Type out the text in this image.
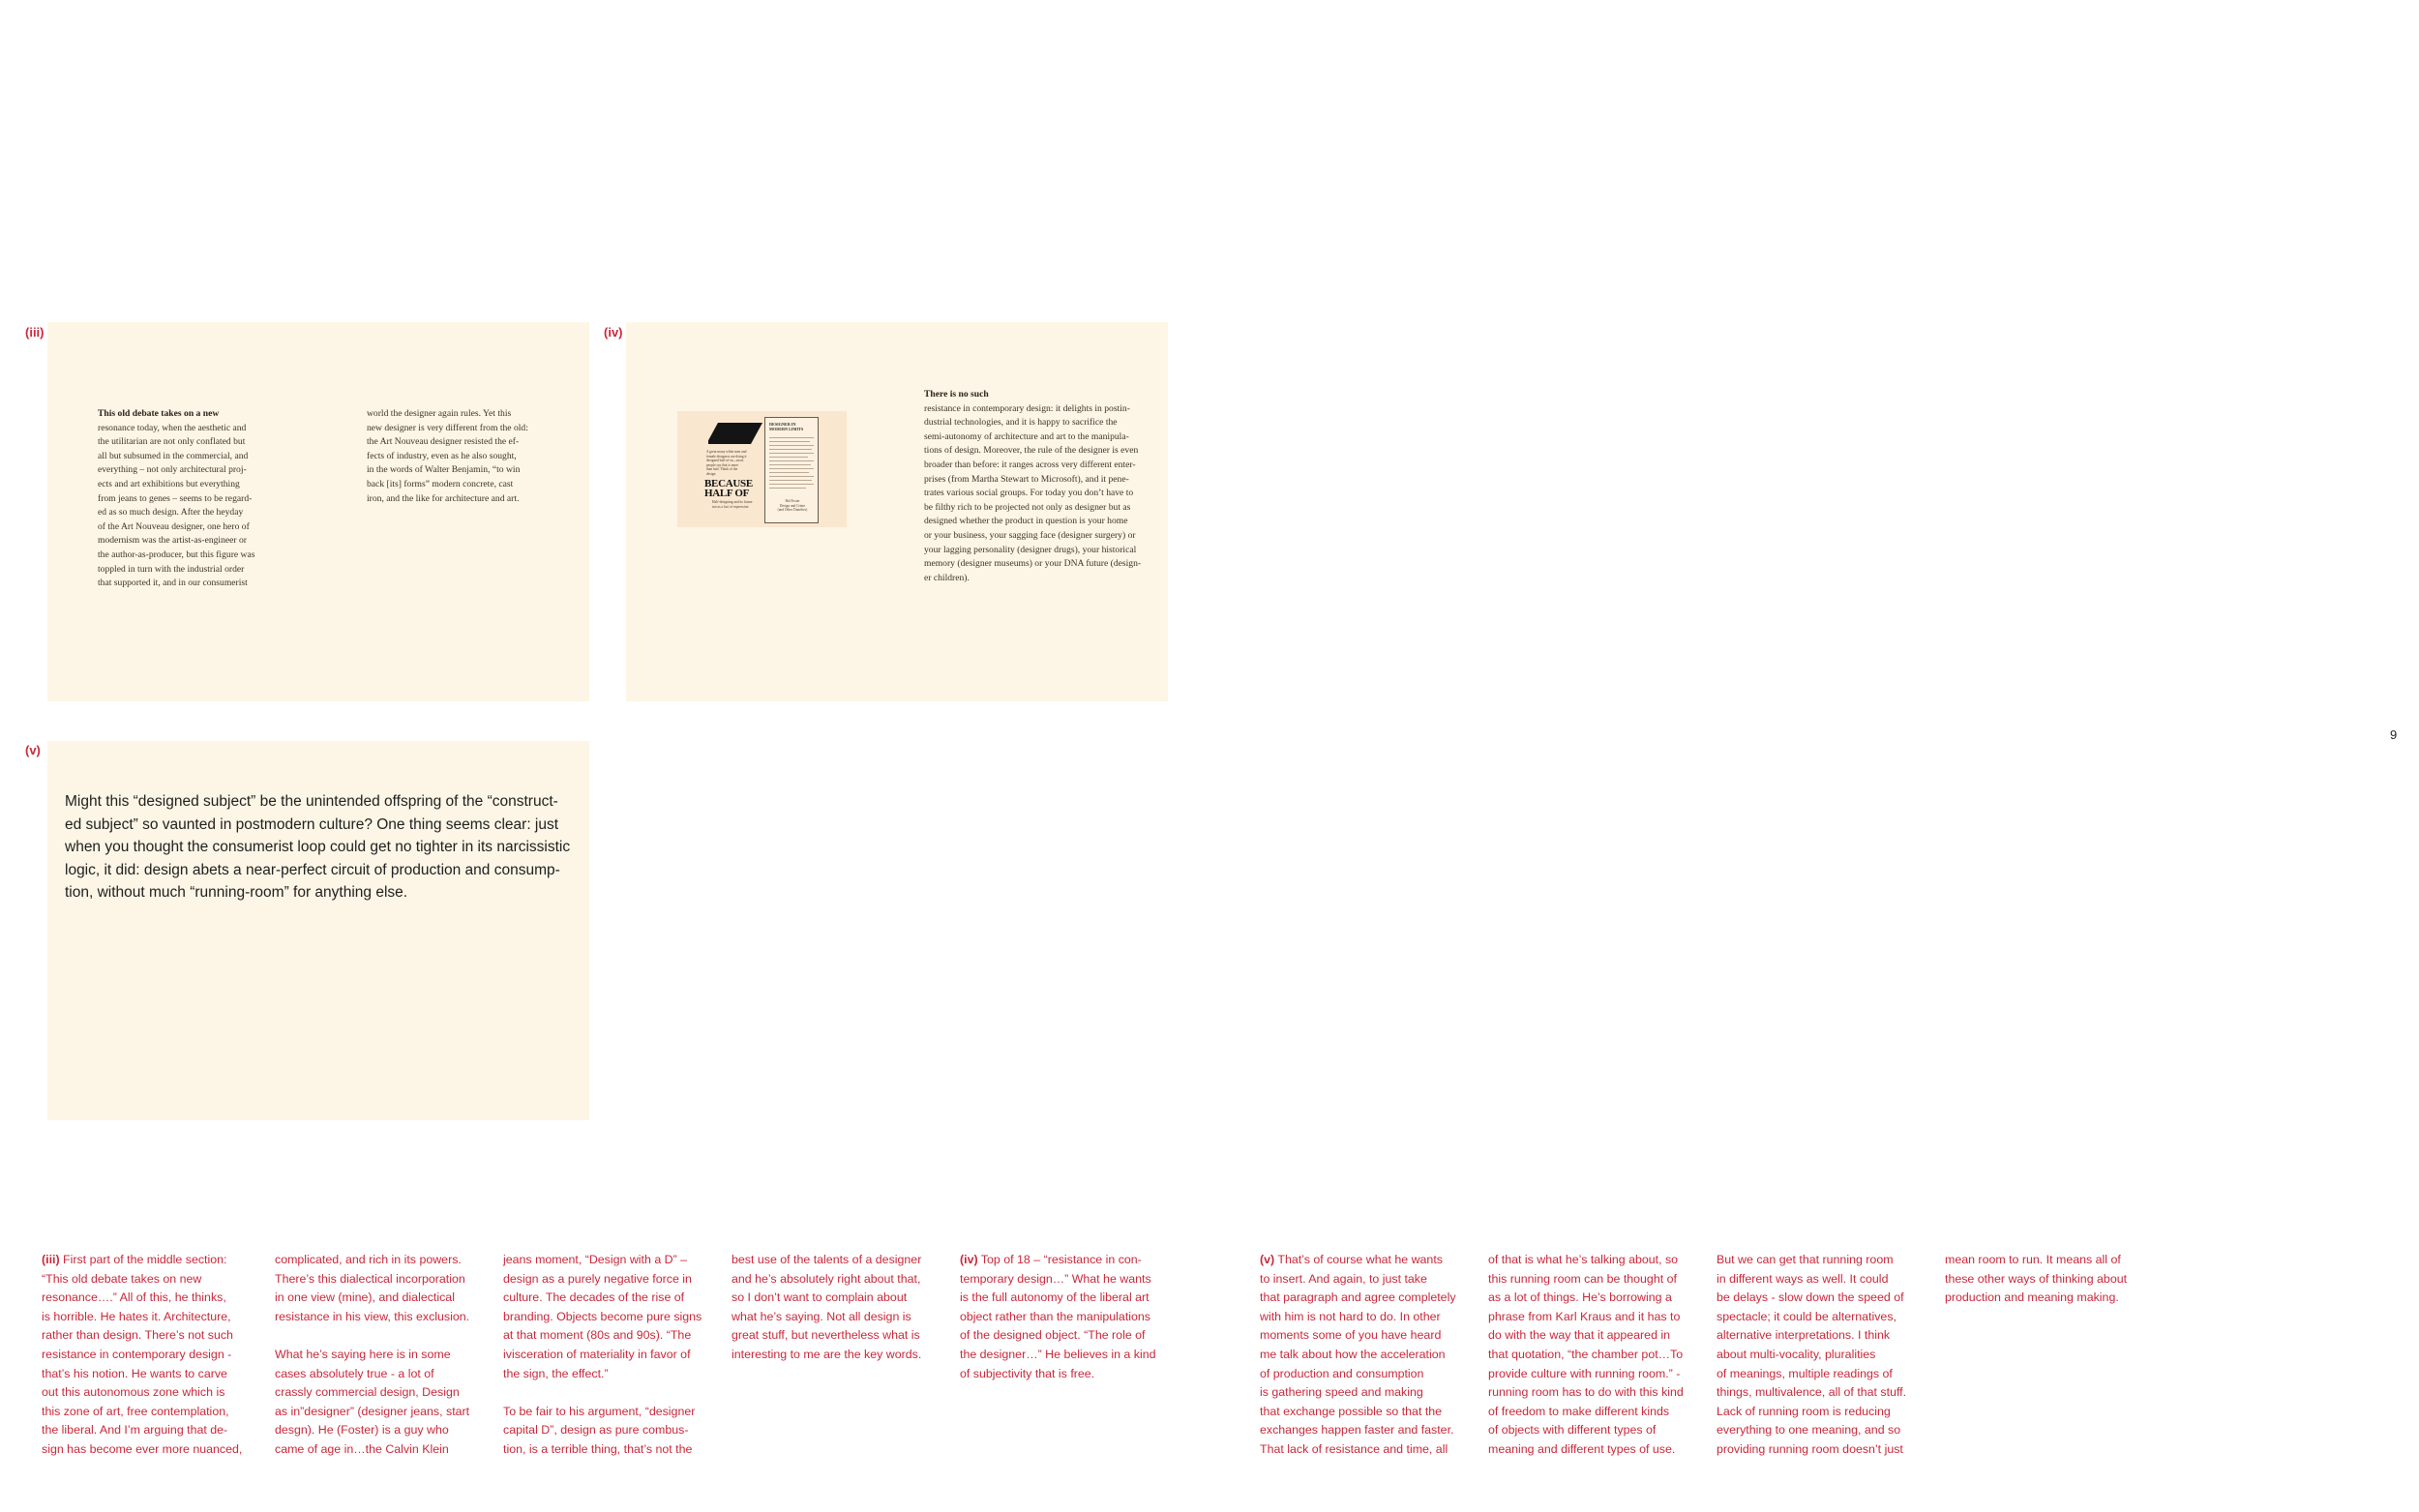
(iii)
This old debate takes on a new
resonance today, when the aesthetic and
the utilitarian are not only conflated but
all but subsumed in the commercial, and
everything – not only architectural proj-
ects and art exhibitions but everything
from jeans to genes – seems to be regard-
ed as so much design. After the heyday
of the Art Nouveau designer, one hero of
modernism was the artist-as-engineer or
the author-as-producer, but this figure was
toppled in turn with the industrial order
that supported it, and in our consumerist
world the designer again rules. Yet this
new designer is very different from the old:
the Art Nouveau designer resisted the ef-
fects of industry, even as he also sought,
in the words of Walter Benjamin, “to win
back [its] forms” modern concrete, cast
iron, and the like for architecture and art.
(iv)
There is no such
resistance in contemporary design: it delights in postin-
dustrial technologies, and it is happy to sacrifice the
semi-autonomy of architecture and art to the manipula-
tions of design. Moreover, the rule of the designer is even
broader than before: it ranges across very different enter-
prises (from Martha Stewart to Microsoft), and it pene-
trates various social groups. For today you don’t have to
be filthy rich to be projected not only as designer but as
designed whether the product in question is your home
or your business, your sagging face (designer surgery) or
your lagging personality (designer drugs), your historical
memory (designer museums) or your DNA future (design-
er children).
A great many white men and
female designers are doing it
designed half-of-us—most
people say that is more
than half. Think of the
design
BECAUSE
HALF OF
Half-designing and its future
not as a fact of expression
DESIGNER IN
MODERN LIMITS
Hal Foster
Design and Crime
(and Other Diatribes)
(v)
Might this “designed subject” be the unintended offspring of the “construct-
ed subject” so vaunted in postmodern culture? One thing seems clear: just
when you thought the consumerist loop could get no tighter in its narcissistic
logic, it did: design abets a near-perfect circuit of production and consump-
tion, without much “running-room” for anything else.
9
(iii) First part of the middle section:
“This old debate takes on new
resonance….” All of this, he thinks,
is horrible. He hates it. Architecture,
rather than design. There’s not such
resistance in contemporary design -
that’s his notion. He wants to carve
out this autonomous zone which is
this zone of art, free contemplation,
the liberal. And I’m arguing that de-
sign has become ever more nuanced,
complicated, and rich in its powers.
There’s this dialectical incorporation
in one view (mine), and dialectical
resistance in his view, this exclusion.

What he’s saying here is in some
cases absolutely true - a lot of
crassly commercial design, Design
as in”designer” (designer jeans, start
desgn). He (Foster) is a guy who
came of age in…the Calvin Klein
jeans moment, “Design with a D” –
design as a purely negative force in
culture. The decades of the rise of
branding. Objects become pure signs
at that moment (80s and 90s). “The
ivisceration of materiality in favor of
the sign, the effect.”

To be fair to his argument, “designer
capital D”, design as pure combus-
tion, is a terrible thing, that’s not the
best use of the talents of a designer
and he’s absolutely right about that,
so I don’t want to complain about
what he’s saying. Not all design is
great stuff, but nevertheless what is
interesting to me are the key words.
(iv) Top of 18 – “resistance in con-
temporary design…” What he wants
is the full autonomy of the liberal art
object rather than the manipulations
of the designed object. “The role of
the designer…” He believes in a kind
of subjectivity that is free.
(v) That’s of course what he wants
to insert. And again, to just take
that paragraph and agree completely
with him is not hard to do. In other
moments some of you have heard
me talk about how the acceleration
of production and consumption
is gathering speed and making
that exchange possible so that the
exchanges happen faster and faster.
That lack of resistance and time, all
of that is what he’s talking about, so
this running room can be thought of
as a lot of things. He’s borrowing a
phrase from Karl Kraus and it has to
do with the way that it appeared in
that quotation, “the chamber pot…To
provide culture with running room.” -
running room has to do with this kind
of freedom to make different kinds
of objects with different types of
meaning and different types of use.
But we can get that running room
in different ways as well. It could
be delays - slow down the speed of
spectacle; it could be alternatives,
alternative interpretations. I think
about multi-vocality, pluralities
of meanings, multiple readings of
things, multivalence, all of that stuff.
Lack of running room is reducing
everything to one meaning, and so
providing running room doesn’t just
mean room to run. It means all of
these other ways of thinking about
production and meaning making.
